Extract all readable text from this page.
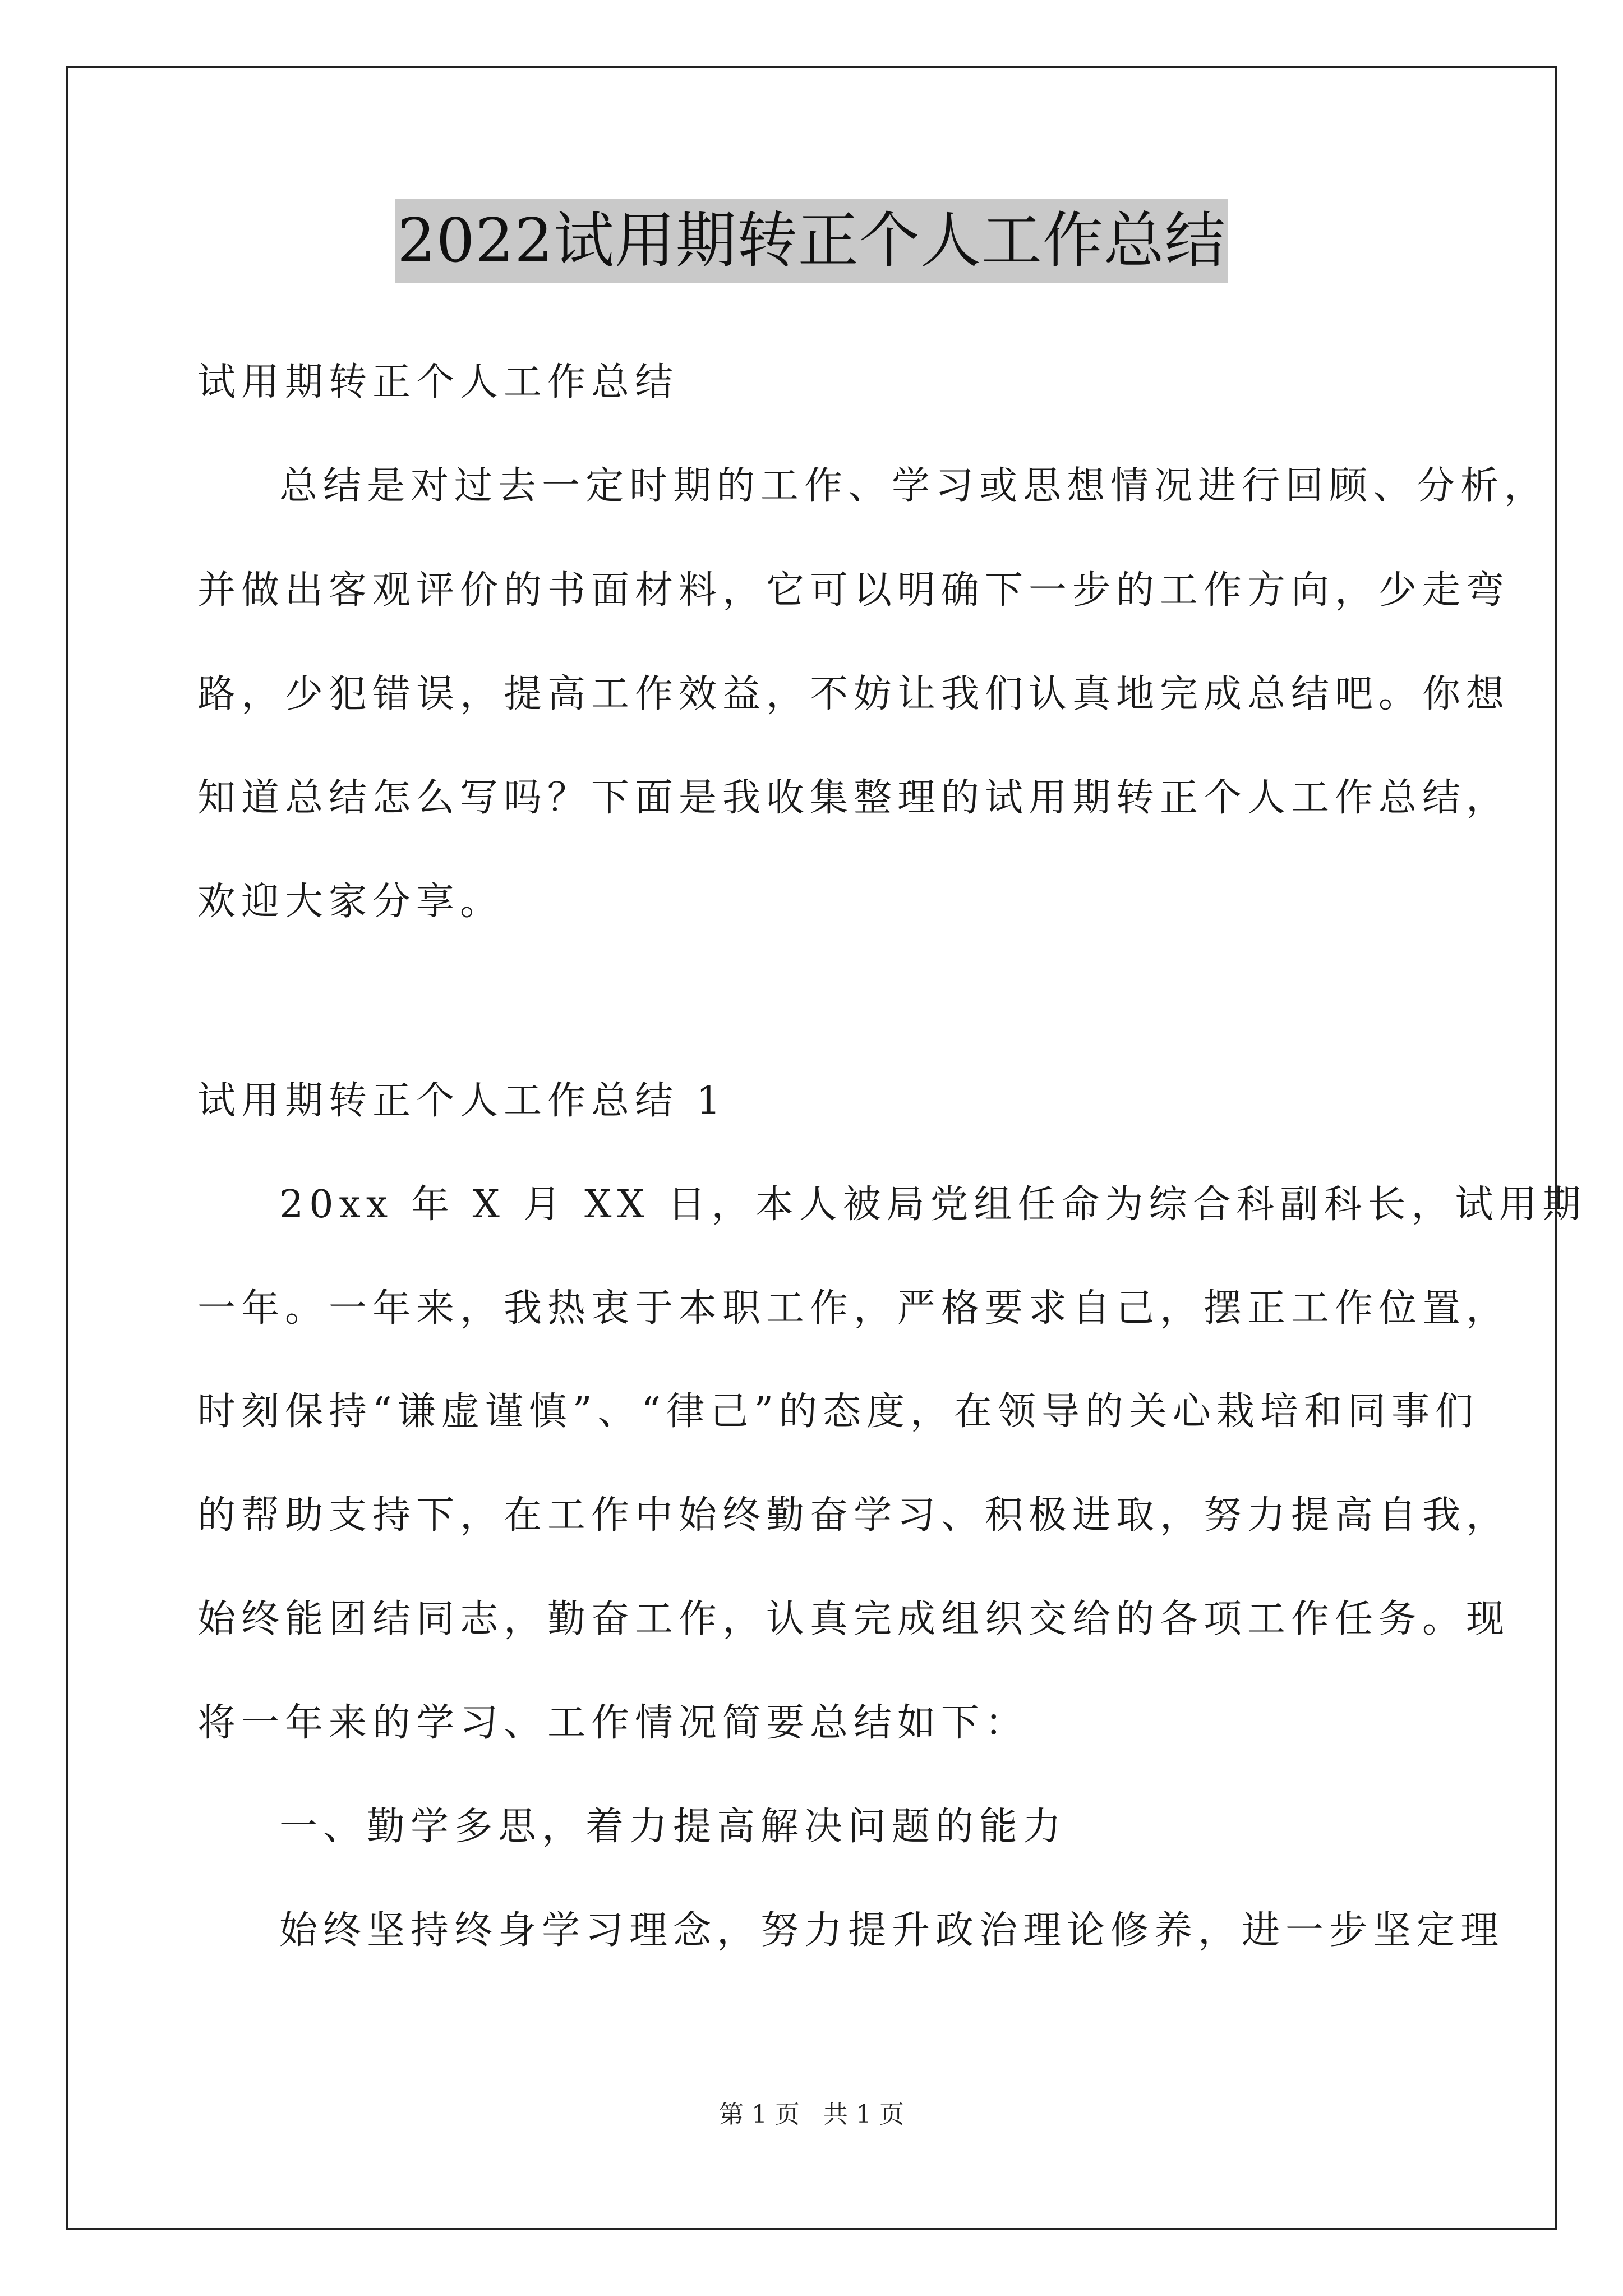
2022试用期转正个人工作总结
试用期转正个人工作总结
总结是对过去一定时期的工作、学习或思想情况进行回顾、分析，
并做出客观评价的书面材料，它可以明确下一步的工作方向，少走弯
路，少犯错误，提高工作效益，不妨让我们认真地完成总结吧。你想
知道总结怎么写吗？下面是我收集整理的试用期转正个人工作总结，
欢迎大家分享。
试用期转正个人工作总结 1
20xx 年 X 月 XX 日，本人被局党组任命为综合科副科长，试用期
一年。一年来，我热衷于本职工作，严格要求自己，摆正工作位置，
时刻保持“谦虚谨慎”、“律己”的态度，在领导的关心栽培和同事们
的帮助支持下，在工作中始终勤奋学习、积极进取，努力提高自我，
始终能团结同志，勤奋工作，认真完成组织交给的各项工作任务。现
将一年来的学习、工作情况简要总结如下：
一、勤学多思，着力提高解决问题的能力
始终坚持终身学习理念，努力提升政治理论修养，进一步坚定理
第 1 页   共 1 页
